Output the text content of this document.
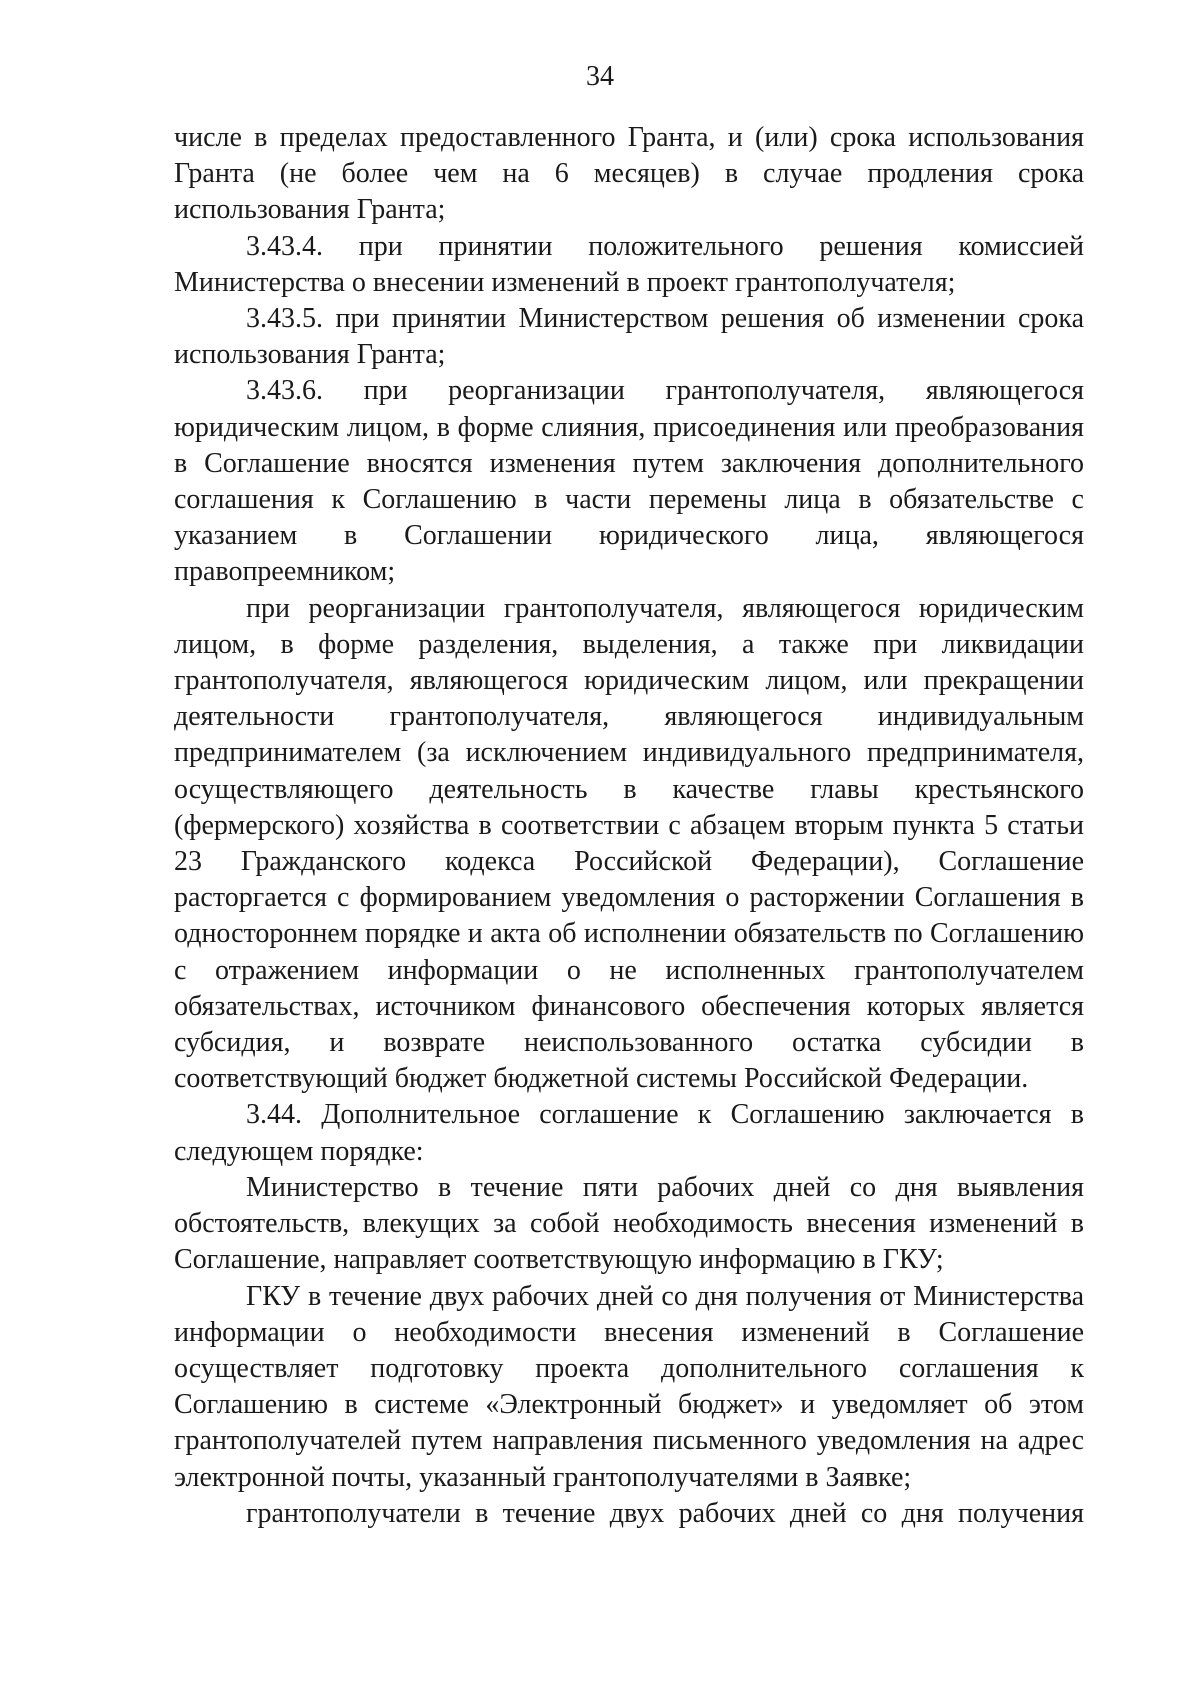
34

числе в пределах предоставленного Гранта, и (или) срока использования Гранта (не более чем на 6 месяцев) в случае продления срока использования Гранта;

3.43.4. при принятии положительного решения комиссией Министерства о внесении изменений в проект грантополучателя;

3.43.5. при принятии Министерством решения об изменении срока использования Гранта;

3.43.6. при реорганизации грантополучателя, являющегося юридическим лицом, в форме слияния, присоединения или преобразования в Соглашение вносятся изменения путем заключения дополнительного соглашения к Соглашению в части перемены лица в обязательстве с указанием в Соглашении юридического лица, являющегося правопреемником;

при реорганизации грантополучателя, являющегося юридическим лицом, в форме разделения, выделения, а также при ликвидации грантополучателя, являющегося юридическим лицом, или прекращении деятельности грантополучателя, являющегося индивидуальным предпринимателем (за исключением индивидуального предпринимателя, осуществляющего деятельность в качестве главы крестьянского (фермерского) хозяйства в соответствии с абзацем вторым пункта 5 статьи 23 Гражданского кодекса Российской Федерации), Соглашение расторгается с формированием уведомления о расторжении Соглашения в одностороннем порядке и акта об исполнении обязательств по Соглашению с отражением информации о не исполненных грантополучателем обязательствах, источником финансового обеспечения которых является субсидия, и возврате неиспользованного остатка субсидии в соответствующий бюджет бюджетной системы Российской Федерации.

3.44. Дополнительное соглашение к Соглашению заключается в следующем порядке:

Министерство в течение пяти рабочих дней со дня выявления обстоятельств, влекущих за собой необходимость внесения изменений в Соглашение, направляет соответствующую информацию в ГКУ;

ГКУ в течение двух рабочих дней со дня получения от Министерства информации о необходимости внесения изменений в Соглашение осуществляет подготовку проекта дополнительного соглашения к Соглашению в системе «Электронный бюджет» и уведомляет об этом грантополучателей путем направления письменного уведомления на адрес электронной почты, указанный грантополучателями в Заявке;

грантополучатели в течение двух рабочих дней со дня получения
